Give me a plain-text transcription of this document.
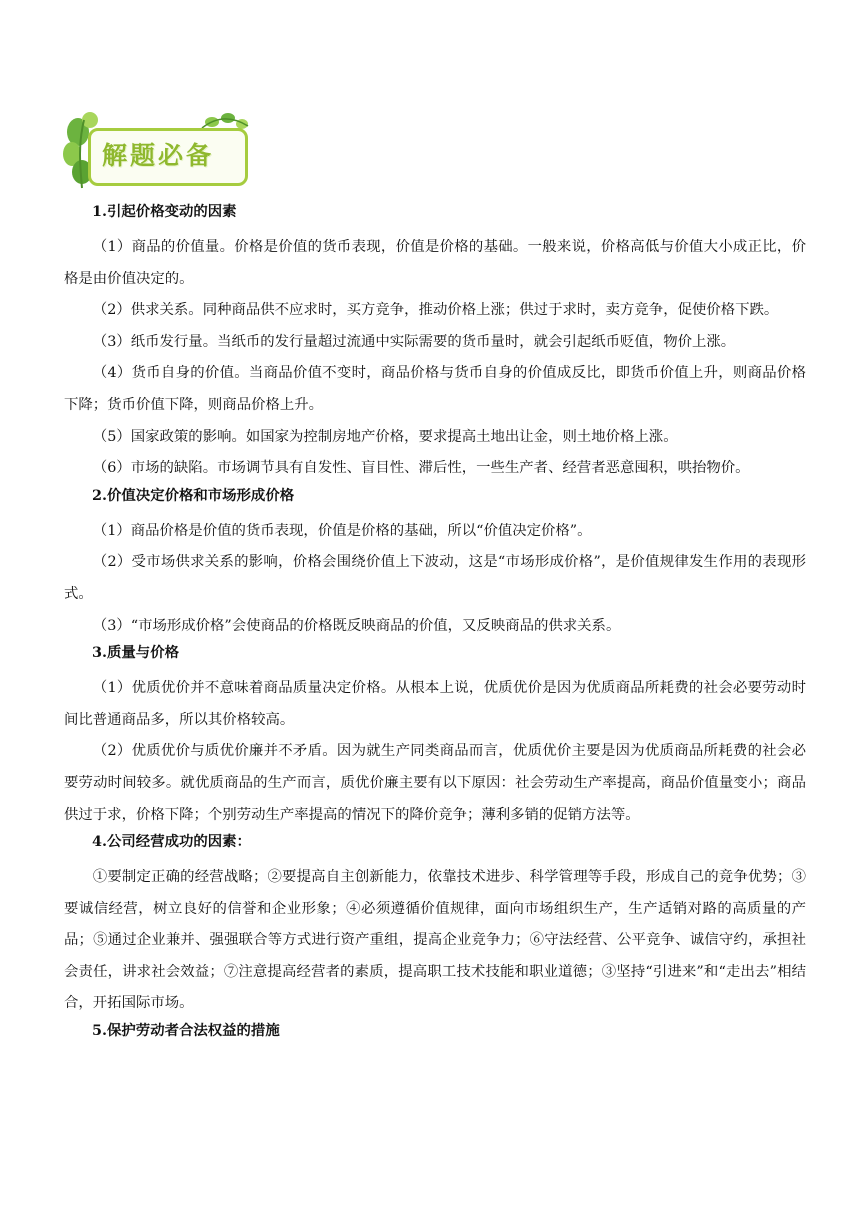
解题必备
1.引起价格变动的因素

（1）商品的价值量。价格是价值的货币表现，价值是价格的基础。一般来说，价格高低与价值大小成正比，价格是由价值决定的。

（2）供求关系。同种商品供不应求时，买方竞争，推动价格上涨；供过于求时，卖方竞争，促使价格下跌。

（3）纸币发行量。当纸币的发行量超过流通中实际需要的货币量时，就会引起纸币贬值，物价上涨。

（4）货币自身的价值。当商品价值不变时，商品价格与货币自身的价值成反比，即货币价值上升，则商品价格下降；货币价值下降，则商品价格上升。

（5）国家政策的影响。如国家为控制房地产价格，要求提高土地出让金，则土地价格上涨。

（6）市场的缺陷。市场调节具有自发性、盲目性、滞后性，一些生产者、经营者恶意囤积，哄抬物价。

2.价值决定价格和市场形成价格

（1）商品价格是价值的货币表现，价值是价格的基础，所以“价值决定价格”。

（2）受市场供求关系的影响，价格会围绕价值上下波动，这是“市场形成价格”，是价值规律发生作用的表现形式。

（3）“市场形成价格”会使商品的价格既反映商品的价值，又反映商品的供求关系。

3.质量与价格

（1）优质优价并不意味着商品质量决定价格。从根本上说，优质优价是因为优质商品所耗费的社会必要劳动时间比普通商品多，所以其价格较高。

（2）优质优价与质优价廉并不矛盾。因为就生产同类商品而言，优质优价主要是因为优质商品所耗费的社会必要劳动时间较多。就优质商品的生产而言，质优价廉主要有以下原因：社会劳动生产率提高，商品价值量变小；商品供过于求，价格下降；个别劳动生产率提高的情况下的降价竞争；薄利多销的促销方法等。

4.公司经营成功的因素：

①要制定正确的经营战略；②要提高自主创新能力，依靠技术进步、科学管理等手段，形成自己的竞争优势；③要诚信经营，树立良好的信誉和企业形象；④必须遵循价值规律，面向市场组织生产，生产适销对路的高质量的产品；⑤通过企业兼并、强强联合等方式进行资产重组，提高企业竞争力；⑥守法经营、公平竞争、诚信守约，承担社会责任，讲求社会效益；⑦注意提高经营者的素质，提高职工技术技能和职业道德；③坚持“引进来”和“走出去”相结合，开拓国际市场。

5.保护劳动者合法权益的措施
